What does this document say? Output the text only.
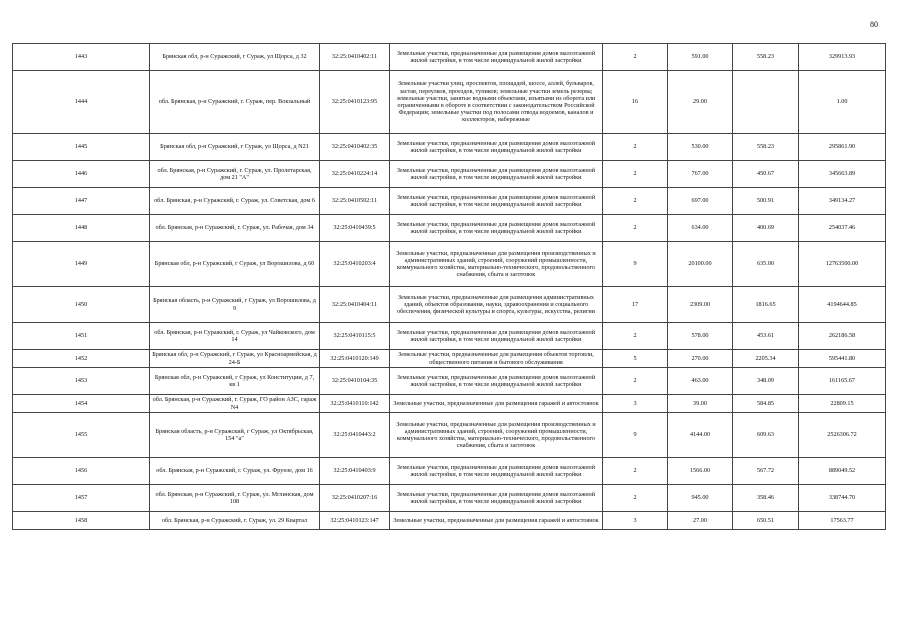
80
1443	Брянская обл, р-н Суражский, г Сураж, ул Щорса, д 32	32:25:0410402:11	Земельные участки, предназначенные для размещения домов малоэтажной жилой застройки, в том числе индивидуальной жилой застройки	2	591.00	558.23	329913.93
1444	обл. Брянская, р-н Суражский, г. Сураж, пер. Вокзальный	32:25:0410123:95	Земельные участки улиц, проспектов, площадей, шоссе, аллей, бульваров, застав, переулков, проездов, тупиков; земельные участки земель резерва; земельные участки, занятые водными объектами, изъятыми из оборота или ограниченными в обороте в соответствии с законодательством Российской Федерации; земельные участки под полосами отвода водоемов, каналов и коллекторов, набережные	16	29.00		1.00
1445	Брянская обл, р-н Суражский, г Сураж, ул Щорса, д N21	32:25:0410402:35	Земельные участки, предназначенные для размещения домов малоэтажной жилой застройки, в том числе индивидуальной жилой застройки	2	530.00	558.23	295861.90
1446	обл. Брянская, р-н Суражский, г. Сураж, ул. Пролетарская, дом 21 "А"	32:25:0410224:14	Земельные участки, предназначенные для размещения домов малоэтажной жилой застройки, в том числе индивидуальной жилой застройки	2	767.00	450.67	345663.89
1447	обл. Брянская, р-н Суражский, г. Сураж, ул. Советская, дом 6	32:25:0410502:11	Земельные участки, предназначенные для размещения домов малоэтажной жилой застройки, в том числе индивидуальной жилой застройки	2	697.00	500.91	349134.27
1448	обл. Брянская, р-н Суражский, г. Сураж, ул. Рабочая, дом 34	32:25:0410439:5	Земельные участки, предназначенные для размещения домов малоэтажной жилой застройки, в том числе индивидуальной жилой застройки	2	634.00	400.69	254037.46
1449	Брянская обл, р-н Суражский, г Сураж, ул Ворошилова, д 60	32:25:0410203:4	Земельные участки, предназначенные для размещения производственных и административных зданий, строений, сооружений промышленности, коммунального хозяйства, материально-технического, продовольственного снабжения, сбыта и заготовок	9	20100.00	635.00	12763500.00
1450	Брянская область, р-н Суражский, г Сураж, ул Ворошилова, д 9	32:25:0410404:11	Земельные участки, предназначенные для размещения административных зданий, объектов образования, науки, здравоохранения и социального обеспечения, физической культуры и спорта, культуры, искусства, религии	17	2309.00	1816.65	4194644.85
1451	обл. Брянская, р-н Суражский, г. Сураж, ул Чайковского, дом 14	32:25:0410115:5	Земельные участки, предназначенные для размещения домов малоэтажной жилой застройки, в том числе индивидуальной жилой застройки	2	578.00	453.61	262186.58
1452	Брянская обл, р-н Суражский, г Сураж, ул Красноармейская, д 24-Б	32:25:0410120:149	Земельные участки, предназначенные для размещения объектов торговли, общественного питания и бытового обслуживания	5	270.00	2205.34	595441.80
1453	Брянская обл, р-н Суражский, г Сураж, ул Конституции, д 7, кв 1	32:25:0410104:35	Земельные участки, предназначенные для размещения домов малоэтажной жилой застройки, в том числе индивидуальной жилой застройки	2	463.00	348.09	161165.67
1454	обл. Брянская, р-н Суражский, г. Сураж, ГО район АЗС, гараж N4	32:25:0410110:142	Земельные участки, предназначенные для размещения гаражей и автостоянок	3	39.00	584.85	22809.15
1455	Брянская область, р-н Суражский, г Сураж, ул Октябрьская, 154 "а"	32:25:0410443:2	Земельные участки, предназначенные для размещения производственных и административных зданий, строений, сооружений промышленности, коммунального хозяйства, материально-технического, продовольственного снабжения, сбыта и заготовок	9	4144.00	609.63	2526306.72
1456	обл. Брянская, р-н Суражский, г. Сураж, ул. Фрунзе, дом 16	32:25:0410403:9	Земельные участки, предназначенные для размещения домов малоэтажной жилой застройки, в том числе индивидуальной жилой застройки	2	1566.00	567.72	889049.52
1457	обл. Брянская, р-н Суражский, г. Сураж, ул. Мглинская, дом 108	32:25:0410207:16	Земельные участки, предназначенные для размещения домов малоэтажной жилой застройки, в том числе индивидуальной жилой застройки	2	945.00	358.46	338744.70
1458	обл. Брянская, р-н Суражский, г. Сураж, ул. 29 Квартал	32:25:0410123:147	Земельные участки, предназначенные для размещения гаражей и автостоянок	3	27.00	650.51	17563.77
